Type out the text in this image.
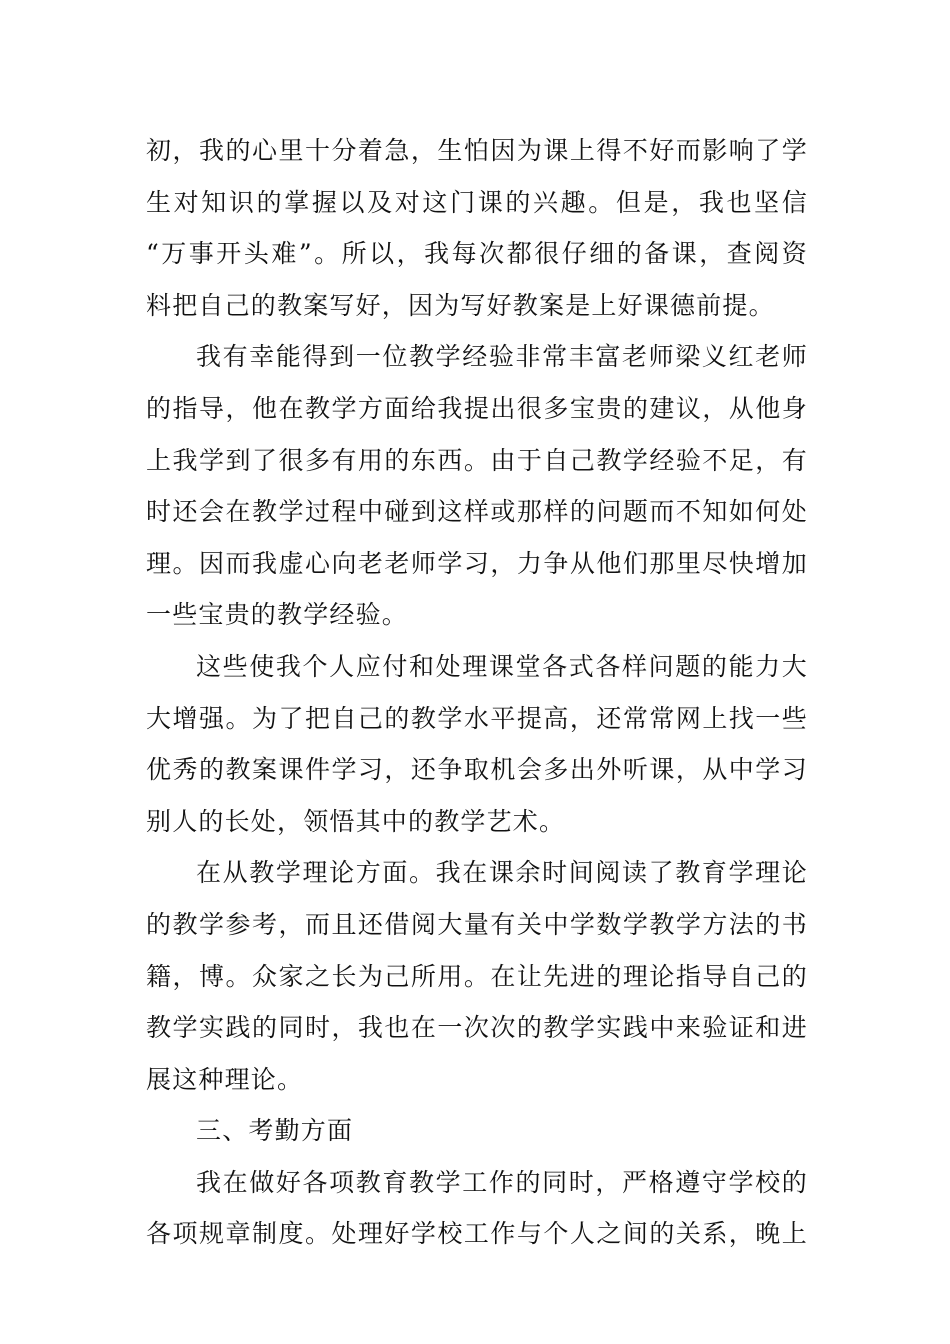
初，我的心里十分着急，生怕因为课上得不好而影响了学
生对知识的掌握以及对这门课的兴趣。但是，我也坚信
“万事开头难”。所以，我每次都很仔细的备课，查阅资
料把自己的教案写好，因为写好教案是上好课德前提。

我有幸能得到一位教学经验非常丰富老师梁义红老师
的指导，他在教学方面给我提出很多宝贵的建议，从他身
上我学到了很多有用的东西。由于自己教学经验不足，有
时还会在教学过程中碰到这样或那样的问题而不知如何处
理。因而我虚心向老老师学习，力争从他们那里尽快增加
一些宝贵的教学经验。

这些使我个人应付和处理课堂各式各样问题的能力大
大增强。为了把自己的教学水平提高，还常常网上找一些
优秀的教案课件学习，还争取机会多出外听课，从中学习
别人的长处，领悟其中的教学艺术。

在从教学理论方面。我在课余时间阅读了教育学理论
的教学参考，而且还借阅大量有关中学数学教学方法的书
籍，博。众家之长为己所用。在让先进的理论指导自己的
教学实践的同时，我也在一次次的教学实践中来验证和进
展这种理论。

三、考勤方面

我在做好各项教育教学工作的同时，严格遵守学校的
各项规章制度。处理好学校工作与个人之间的关系，晚上
